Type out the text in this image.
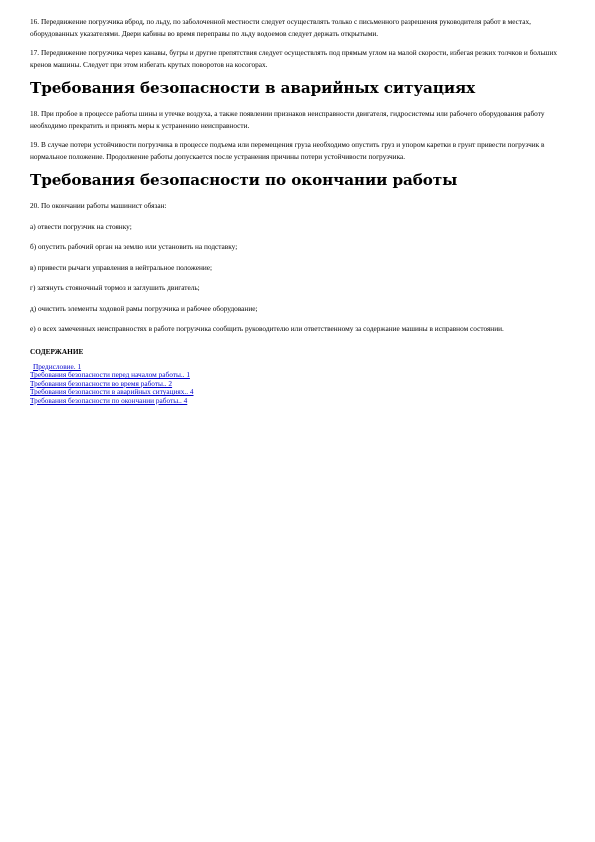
16. Передвижение погрузчика вброд, по льду, по заболоченной местности следует осуществлять только с письменного разрешения руководителя работ в местах, оборудованных указателями. Двери кабины во время переправы по льду водоемов следует держать открытыми.

17. Передвижение погрузчика через канавы, бугры и другие препятствия следует осуществлять под прямым углом на малой скорости, избегая резких толчков и больших кренов машины. Следует при этом избегать крутых поворотов на косогорах.

Требования безопасности в аварийных ситуациях

18. При пробое в процессе работы шины и утечке воздуха, а также появлении признаков неисправности двигателя, гидросистемы или рабочего оборудования работу необходимо прекратить и принять меры к устранению неисправности.

19. В случае потери устойчивости погрузчика в процессе подъема или перемещения груза необходимо опустить груз и упором каретки в грунт привести погрузчик в нормальное положение. Продолжение работы допускается после устранения причины потери устойчивости погрузчика.

Требования безопасности по окончании работы

20. По окончании работы машинист обязан:

а) отвести погрузчик на стоянку;

б) опустить рабочий орган на землю или установить на подставку;

в) привести рычаги управления в нейтральное положение;

г) затянуть стояночный тормоз и заглушить двигатель;

д) очистить элементы ходовой рамы погрузчика и рабочее оборудование;

е) о всех замеченных неисправностях в работе погрузчика сообщить руководителю или ответственному за содержание машины в исправном состоянии.

СОДЕРЖАНИЕ
Предисловие. 1
Требования безопасности перед началом работы.. 1
Требования безопасности во время работы.. 2
Требования безопасности в аварийных ситуациях.. 4
Требования безопасности по окончании работы.. 4
